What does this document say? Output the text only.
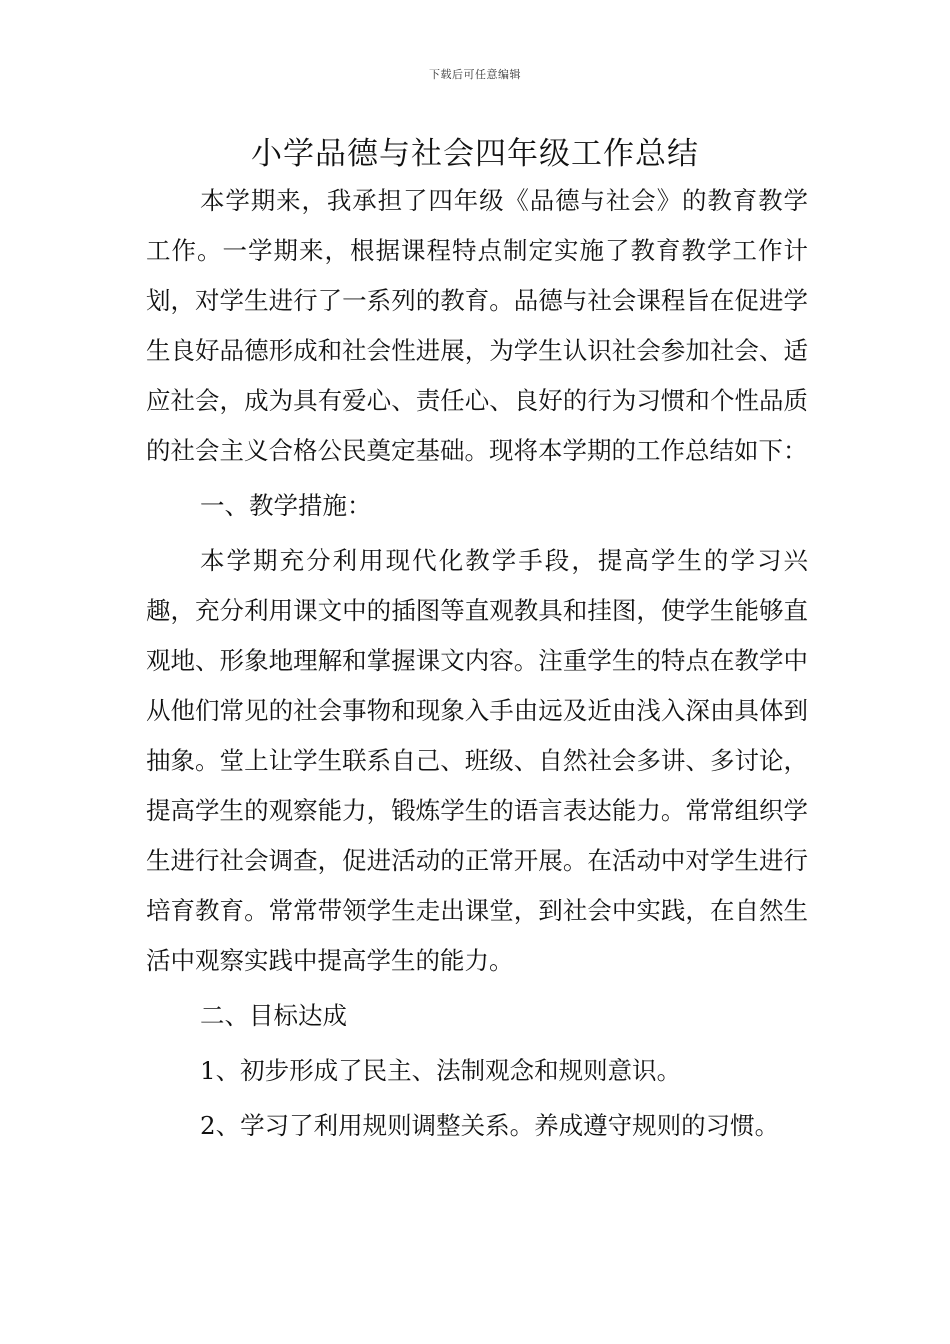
下载后可任意编辑
小学品德与社会四年级工作总结

本学期来，我承担了四年级《品德与社会》的教育教学工作。一学期来，根据课程特点制定实施了教育教学工作计划，对学生进行了一系列的教育。品德与社会课程旨在促进学生良好品德形成和社会性进展，为学生认识社会参加社会、适应社会，成为具有爱心、责任心、良好的行为习惯和个性品质的社会主义合格公民奠定基础。现将本学期的工作总结如下：

一、教学措施：

本学期充分利用现代化教学手段，提高学生的学习兴趣，充分利用课文中的插图等直观教具和挂图，使学生能够直观地、形象地理解和掌握课文内容。注重学生的特点在教学中从他们常见的社会事物和现象入手由远及近由浅入深由具体到抽象。堂上让学生联系自己、班级、自然社会多讲、多讨论，提高学生的观察能力，锻炼学生的语言表达能力。常常组织学生进行社会调查，促进活动的正常开展。在活动中对学生进行培育教育。常常带领学生走出课堂，到社会中实践，在自然生活中观察实践中提高学生的能力。

二、目标达成

1、初步形成了民主、法制观念和规则意识。

2、学习了利用规则调整关系。养成遵守规则的习惯。
